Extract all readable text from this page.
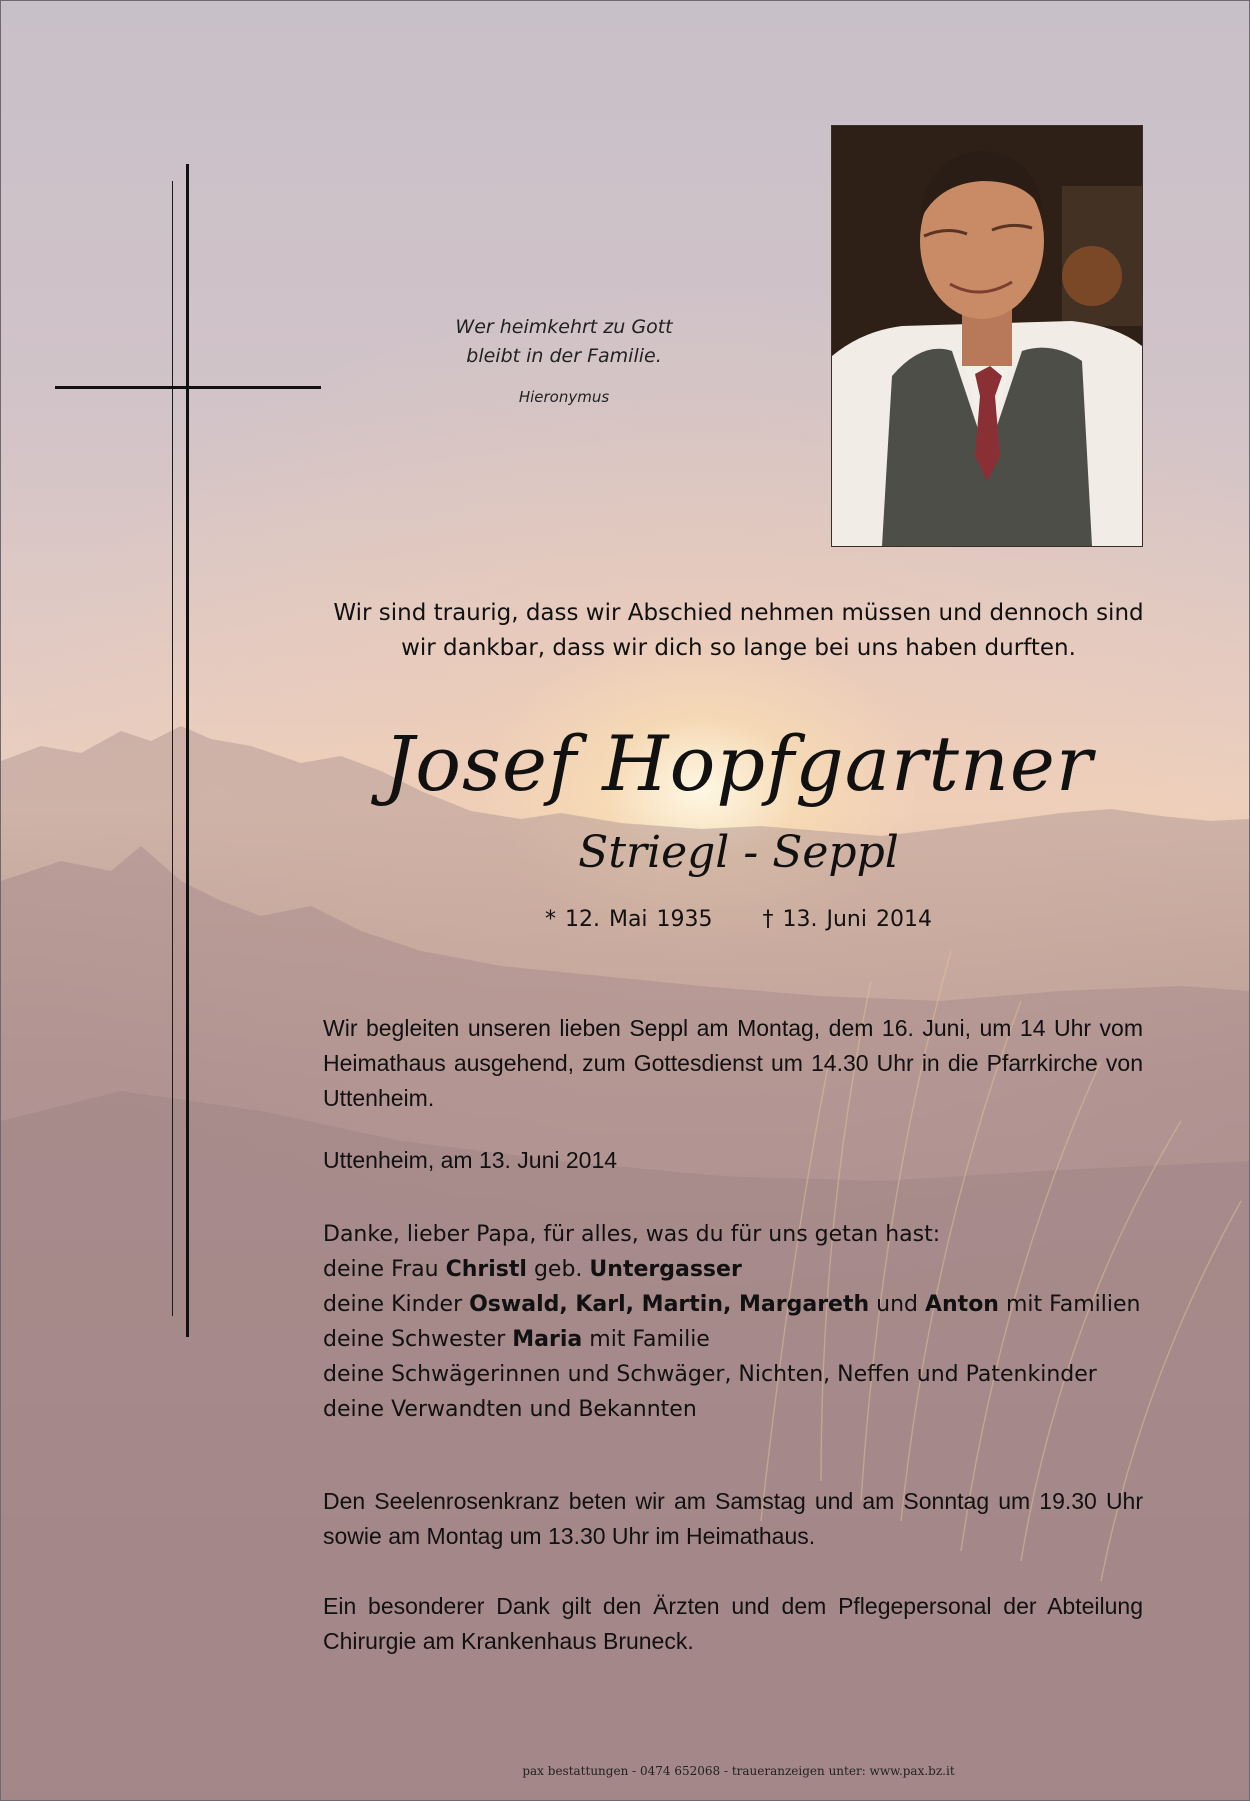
Wer heimkehrt zu Gott
bleibt in der Familie.
Hieronymus
Wir sind traurig, dass wir Abschied nehmen müssen und dennoch sind
wir dankbar, dass wir dich so lange bei uns haben durften.
Josef Hopfgartner
Striegl - Seppl
* 12. Mai 1935 † 13. Juni 2014
Wir begleiten unseren lieben Seppl am Montag, dem 16. Juni, um 14 Uhr vom Heimathaus ausgehend, zum Gottesdienst um 14.30 Uhr in die Pfarrkirche von Uttenheim.
Uttenheim, am 13. Juni 2014
Danke, lieber Papa, für alles, was du für uns getan hast:
deine Frau Christl geb. Untergasser
deine Kinder Oswald, Karl, Martin, Margareth und Anton mit Familien
deine Schwester Maria mit Familie
deine Schwägerinnen und Schwäger, Nichten, Neffen und Patenkinder
deine Verwandten und Bekannten
Den Seelenrosenkranz beten wir am Samstag und am Sonntag um 19.30 Uhr sowie am Montag um 13.30 Uhr im Heimathaus.
Ein besonderer Dank gilt den Ärzten und dem Pflegepersonal der Abteilung Chirurgie am Krankenhaus Bruneck.
pax bestattungen - 0474 652068 - traueranzeigen unter: www.pax.bz.it
